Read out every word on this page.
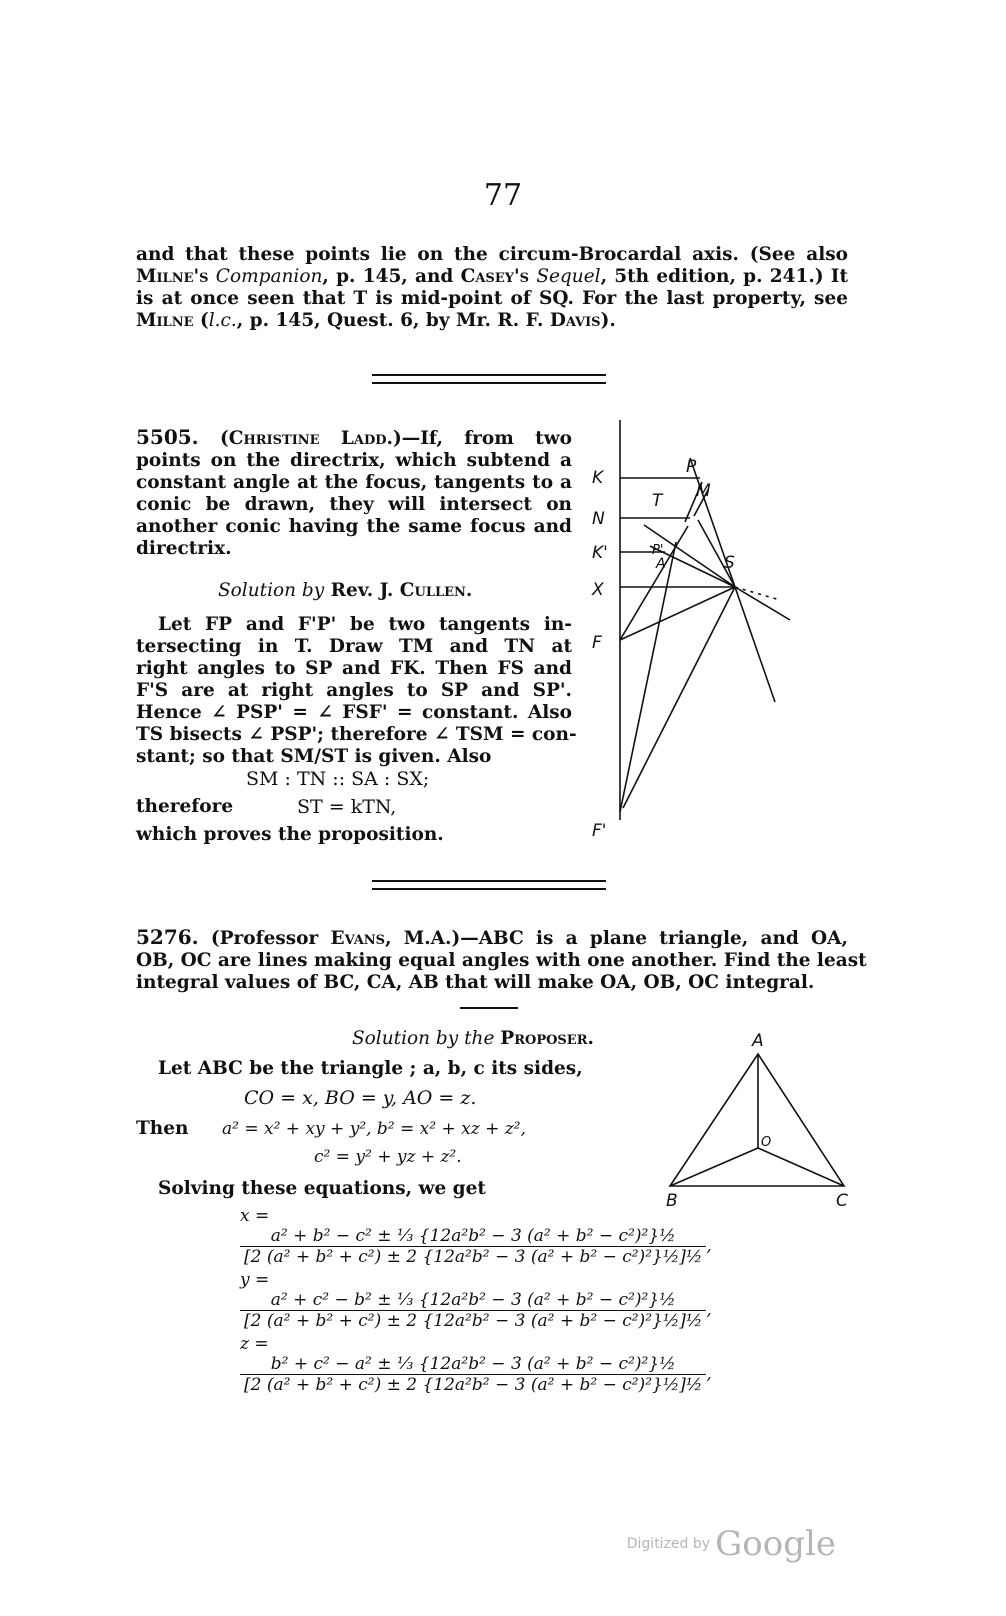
77
and that these points lie on the circum-Brocardal axis. (See also
Milne's Companion, p. 145, and Casey's Sequel, 5th edition, p. 241.) It
is at once seen that T is mid-point of SQ. For the last property, see
Milne (l.c., p. 145, Quest. 6, by Mr. R. F. Davis).
5505. (Christine Ladd.)—If, from two
points on the directrix, which subtend a
constant angle at the focus, tangents to a
conic be drawn, they will intersect on
another conic having the same focus and
directrix.
Solution by Rev. J. Cullen.
Let FP and F'P' be two tangents in-
tersecting in T. Draw TM and TN at
right angles to SP and FK. Then FS and
F'S are at right angles to SP and SP'.
Hence ∠ PSP' = ∠ FSF' = constant. Also
TS bisects ∠ PSP'; therefore ∠ TSM = con-
stant; so that SM/ST is given. Also
SM : TN :: SA : SX;
therefore	ST = kTN,
which proves the proposition.
K
N
K'
X
F
F'
P
T M
P'
A	S
5276. (Professor Evans, M.A.)—ABC is a plane triangle, and OA,
OB, OC are lines making equal angles with one another. Find the least
integral values of BC, CA, AB that will make OA, OB, OC integral.
Solution by the Proposer.
Let ABC be the triangle ; a, b, c its sides,
CO = x, BO = y, AO = z.
Then a² = x² + xy + y², b² = x² + xz + z²,
c² = y² + yz + z².
Solving these equations, we get
x =
$\frac{\text{a² + b² − c² ± ⅓ \{12a²b² − 3 (a² + b² − c²)²\}½}}{\text{[2 (a² + b² + c²) ± 2 \{12a²b² − 3 (a² + b² − c²)²\}½]½}}$ ,
y =
$\frac{\text{a² + c² − b² ± ⅓ \{12a²b² − 3 (a² + b² − c²)²\}½}}{\text{[2 (a² + b² + c²) ± 2 \{12a²b² − 3 (a² + b² − c²)²\}½]½}}$ ,
z =
$\frac{\text{b² + c² − a² ± ⅓ \{12a²b² − 3 (a² + b² − c²)²\}½}}{\text{[2 (a² + b² + c²) ± 2 \{12a²b² − 3 (a² + b² − c²)²\}½]½}}$ ,
A
B	C
O
Digitized by Google
